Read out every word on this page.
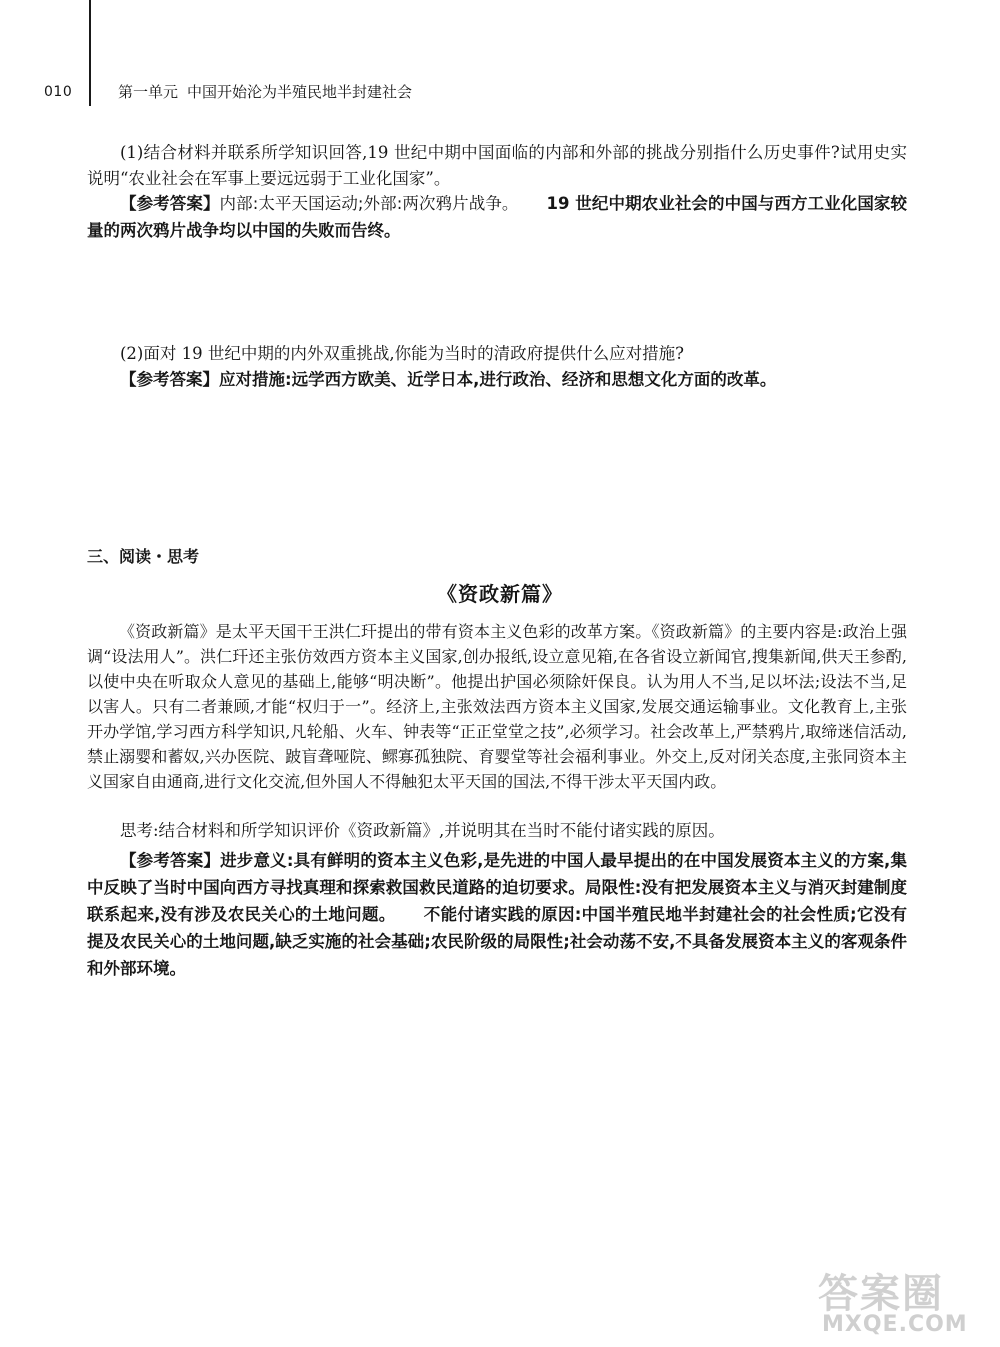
010	第一单元 中国开始沦为半殖民地半封建社会
(1)结合材料并联系所学知识回答,19 世纪中期中国面临的内部和外部的挑战分别指什么历史事件?试用史实说明“农业社会在军事上要远远弱于工业化国家”。
【参考答案】内部:太平天国运动;外部:两次鸦片战争。 19 世纪中期农业社会的中国与西方工业化国家较量的两次鸦片战争均以中国的失败而告终。
(2)面对 19 世纪中期的内外双重挑战,你能为当时的清政府提供什么应对措施?
【参考答案】应对措施:远学西方欧美、近学日本,进行政治、经济和思想文化方面的改革。
三、阅读・思考
《资政新篇》
《资政新篇》是太平天国干王洪仁玕提出的带有资本主义色彩的改革方案。《资政新篇》的主要内容是:政治上强调“设法用人”。洪仁玕还主张仿效西方资本主义国家,创办报纸,设立意见箱,在各省设立新闻官,搜集新闻,供天王参酌,以使中央在听取众人意见的基础上,能够“明决断”。他提出护国必须除奸保良。认为用人不当,足以坏法;设法不当,足以害人。只有二者兼顾,才能“权归于一”。经济上,主张效法西方资本主义国家,发展交通运输事业。文化教育上,主张开办学馆,学习西方科学知识,凡轮船、火车、钟表等“正正堂堂之技”,必须学习。社会改革上,严禁鸦片,取缔迷信活动,禁止溺婴和蓄奴,兴办医院、跛盲聋哑院、鳏寡孤独院、育婴堂等社会福利事业。外交上,反对闭关态度,主张同资本主义国家自由通商,进行文化交流,但外国人不得触犯太平天国的国法,不得干涉太平天国内政。
思考:结合材料和所学知识评价《资政新篇》,并说明其在当时不能付诸实践的原因。
【参考答案】进步意义:具有鲜明的资本主义色彩,是先进的中国人最早提出的在中国发展资本主义的方案,集中反映了当时中国向西方寻找真理和探索救国救民道路的迫切要求。局限性:没有把发展资本主义与消灭封建制度联系起来,没有涉及农民关心的土地问题。 不能付诸实践的原因:中国半殖民地半封建社会的社会性质;它没有提及农民关心的土地问题,缺乏实施的社会基础;农民阶级的局限性;社会动荡不安,不具备发展资本主义的客观条件和外部环境。
答案圈
MXQE.COM
